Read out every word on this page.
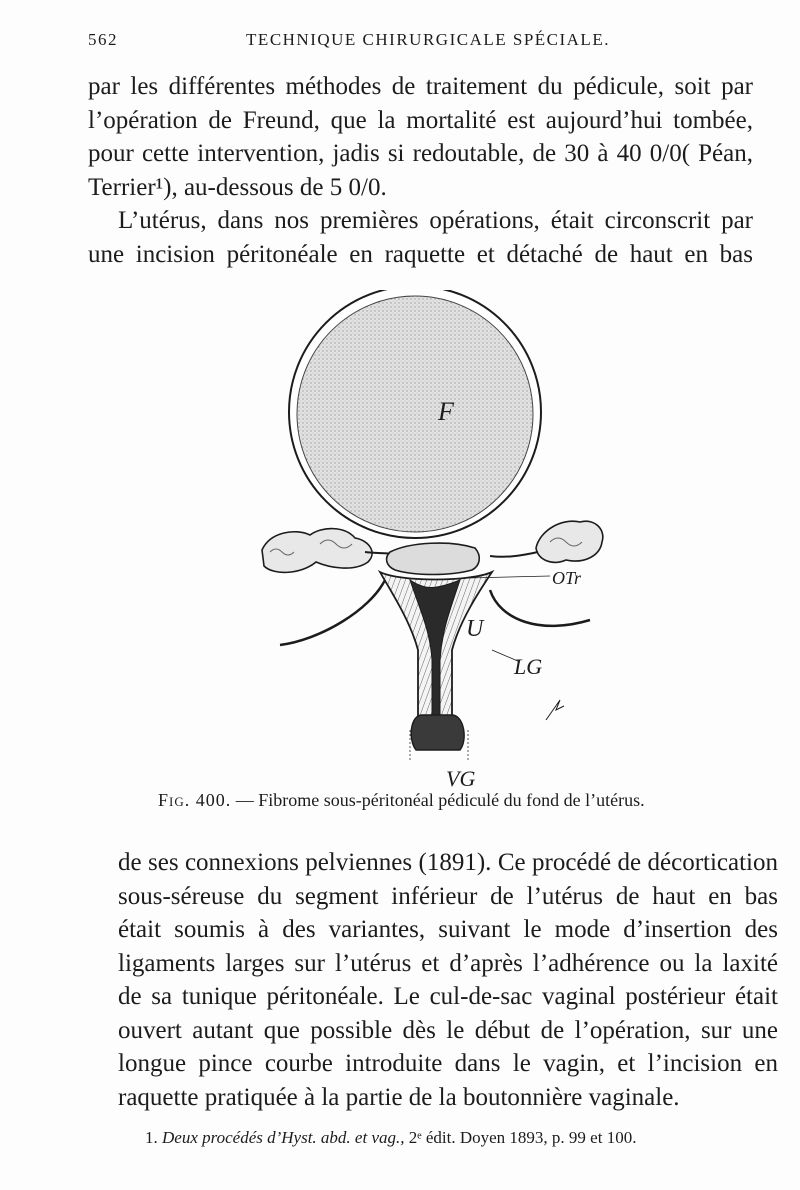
562	TECHNIQUE CHIRURGICALE SPÉCIALE.
par les différentes méthodes de traitement du pédicule, soit par
l’opération de Freund, que la mortalité est aujourd’hui tombée,
pour cette intervention, jadis si redoutable, de 30 à 40 0/0( Péan,
Terrier¹), au-dessous de 5 0/0.
L’utérus, dans nos premières opérations, était circonscrit par
une incision péritonéale en raquette et détaché de haut en bas
F
OTr
U
LG
VG
Fig. 400. — Fibrome sous-péritonéal pédiculé du fond de l’utérus.
de ses connexions pelviennes (1891). Ce procédé de décortication
sous-séreuse du segment inférieur de l’utérus de haut en bas
était soumis à des variantes, suivant le mode d’insertion des
ligaments larges sur l’utérus et d’après l’adhérence ou la laxité
de sa tunique péritonéale. Le cul-de-sac vaginal postérieur était
ouvert autant que possible dès le début de l’opération, sur une
longue pince courbe introduite dans le vagin, et l’incision en
raquette pratiquée à la partie de la boutonnière vaginale.
1. Deux procédés d’Hyst. abd. et vag., 2ᵉ édit. Doyen 1893, p. 99 et 100.
